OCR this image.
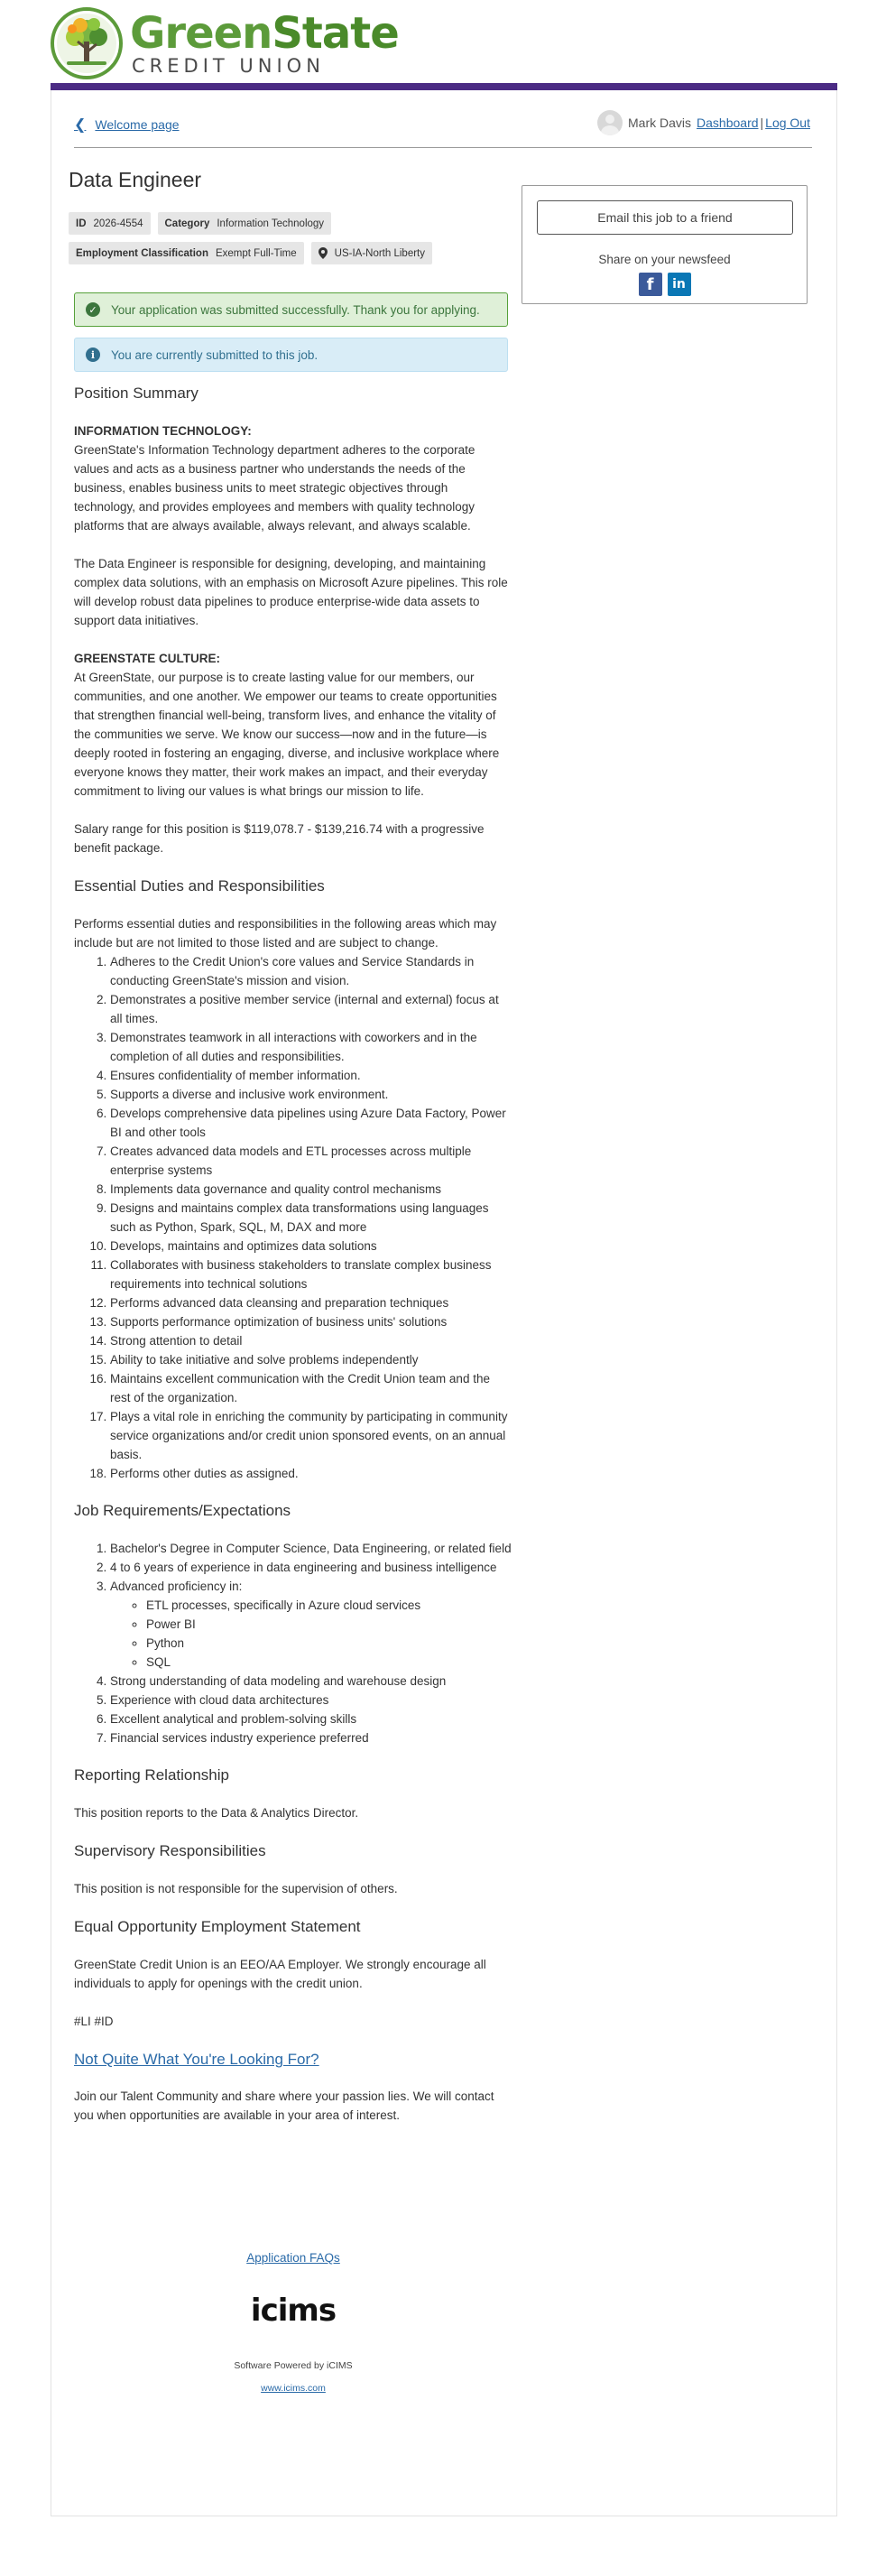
GreenState
CREDIT UNION
❮ Welcome page	Mark Davis Dashboard | Log Out
Data Engineer
ID 2026-4554 Category Information Technology
Employment Classification Exempt Full-Time	US-IA-North Liberty
Email this job to a friend
Share on your newsfeed
f	in
✓ Your application was submitted successfully. Thank you for applying.
i	You are currently submitted to this job.
Position Summary
INFORMATION TECHNOLOGY:
GreenState's Information Technology department adheres to the corporate values and acts as a business partner who understands the needs of the business, enables business units to meet strategic objectives through technology, and provides employees and members with quality technology platforms that are always available, always relevant, and always scalable.
The Data Engineer is responsible for designing, developing, and maintaining complex data solutions, with an emphasis on Microsoft Azure pipelines. This role will develop robust data pipelines to produce enterprise-wide data assets to support data initiatives.
GREENSTATE CULTURE:
At GreenState, our purpose is to create lasting value for our members, our communities, and one another. We empower our teams to create opportunities that strengthen financial well-being, transform lives, and enhance the vitality of the communities we serve. We know our success—now and in the future—is deeply rooted in fostering an engaging, diverse, and inclusive workplace where everyone knows they matter, their work makes an impact, and their everyday commitment to living our values is what brings our mission to life.
Salary range for this position is $119,078.7 - $139,216.74 with a progressive benefit package.
Essential Duties and Responsibilities
Performs essential duties and responsibilities in the following areas which may include but are not limited to those listed and are subject to change.
1. Adheres to the Credit Union's core values and Service Standards in conducting GreenState's mission and vision.
2. Demonstrates a positive member service (internal and external) focus at all times.
3. Demonstrates teamwork in all interactions with coworkers and in the completion of all duties and responsibilities.
4. Ensures confidentiality of member information.
5. Supports a diverse and inclusive work environment.
6. Develops comprehensive data pipelines using Azure Data Factory, Power BI and other tools
7. Creates advanced data models and ETL processes across multiple enterprise systems
8. Implements data governance and quality control mechanisms
9. Designs and maintains complex data transformations using languages such as Python, Spark, SQL, M, DAX and more
10. Develops, maintains and optimizes data solutions
11. Collaborates with business stakeholders to translate complex business requirements into technical solutions
12. Performs advanced data cleansing and preparation techniques
13. Supports performance optimization of business units' solutions
14. Strong attention to detail
15. Ability to take initiative and solve problems independently
16. Maintains excellent communication with the Credit Union team and the rest of the organization.
17. Plays a vital role in enriching the community by participating in community service organizations and/or credit union sponsored events, on an annual basis.
18. Performs other duties as assigned.
Job Requirements/Expectations
1. Bachelor's Degree in Computer Science, Data Engineering, or related field
2. 4 to 6 years of experience in data engineering and business intelligence
3. Advanced proficiency in:
◦ ETL processes, specifically in Azure cloud services
◦ Power BI
◦ Python
◦ SQL
4. Strong understanding of data modeling and warehouse design
5. Experience with cloud data architectures
6. Excellent analytical and problem-solving skills
7. Financial services industry experience preferred
Reporting Relationship
This position reports to the Data & Analytics Director.
Supervisory Responsibilities
This position is not responsible for the supervision of others.
Equal Opportunity Employment Statement
GreenState Credit Union is an EEO/AA Employer. We strongly encourage all individuals to apply for openings with the credit union.
#LI #ID
Not Quite What You're Looking For?
Join our Talent Community and share where your passion lies. We will contact you when opportunities are available in your area of interest.
Application FAQs
icims
Software Powered by iCIMS
www.icims.com
